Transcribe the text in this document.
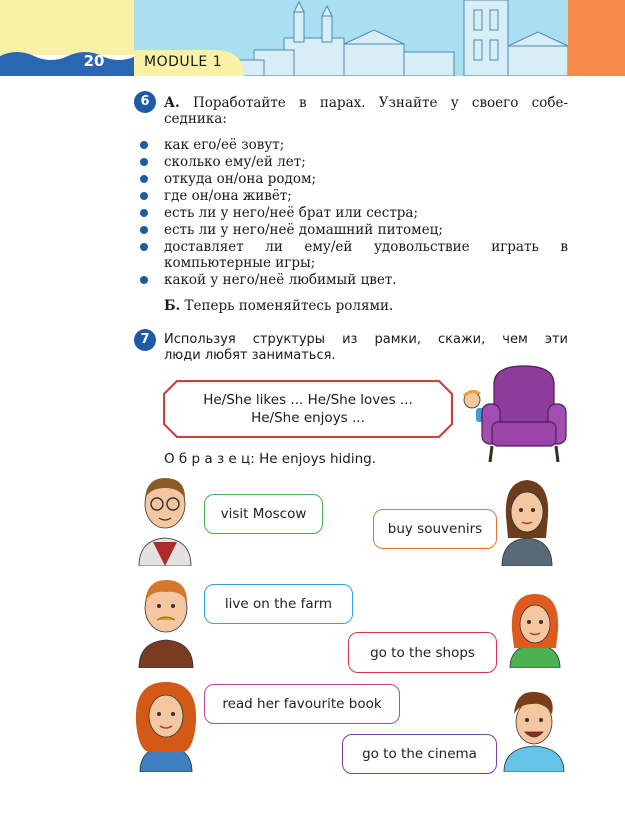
20	MODULE 1
6	А. Поработайте в парах. Узнайте у своего собе-
седника:
как его/её зовут;
сколько ему/ей лет;
откуда он/она родом;
где он/она живёт;
есть ли у него/неё брат или сестра;
есть ли у него/неё домашний питомец;
доставляет ли ему/ей удовольствие играть в
компьютерные игры;
какой у него/неё любимый цвет.
Б. Теперь поменяйтесь ролями.
7	Используя структуры из рамки, скажи, чем эти
люди любят заниматься.
He/She likes ... He/She loves ...
He/She enjoys ...
О б р а з е ц: He enjoys hiding.
visit Moscow
buy souvenirs
live on the farm
go to the shops
read her favourite book
go to the cinema
